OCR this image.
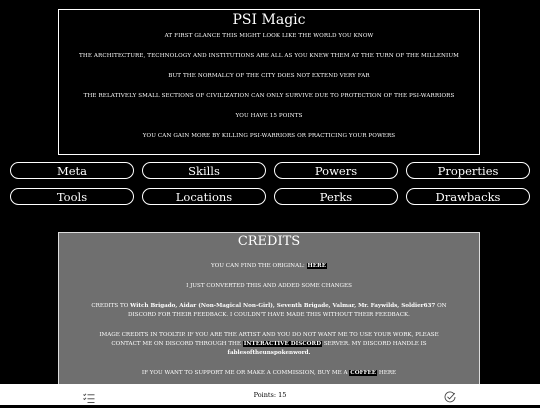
PSI Magic

AT FIRST GLANCE THIS MIGHT LOOK LIKE THE WORLD YOU KNOW

THE ARCHITECTURE, TECHNOLOGY AND INSTITUTIONS ARE ALL AS YOU KNEW THEM AT THE TURN OF THE MILLENIUM

BUT THE NORMALCY OF THE CITY DOES NOT EXTEND VERY FAR

THE RELATIVELY SMALL SECTIONS OF CIVILIZATION CAN ONLY SURVIVE DUE TO PROTECTION OF THE PSI-WARRIORS

YOU HAVE 15 POINTS

YOU CAN GAIN MORE BY KILLING PSI-WARRIORS OR PRACTICING YOUR POWERS

Meta	Skills	Powers	Properties
Tools	Locations	Perks	Drawbacks
CREDITS

YOU CAN FIND THE ORIGINAL: HERE

I JUST CONVERTED THIS AND ADDED SOME CHANGES

CREDITS TO Witch Brigado, Aidar (Non-Magical Non-Girl), Seventh Brigade, Valmar, Mr. Faywilds, Soldier637 ON DISCORD FOR THEIR FEEDBACK. I COULDN'T HAVE MADE THIS WITHOUT THEIR FEEDBACK.

IMAGE CREDITS IN TOOLTIP. IF YOU ARE THE ARTIST AND YOU DO NOT WANT ME TO USE YOUR WORK, PLEASE CONTACT ME ON DISCORD THROUGH THE INTERACTIVE DISCORD SERVER. MY DISCORD HANDLE IS fablesoftheunspokenword.

IF YOU WANT TO SUPPORT ME OR MAKE A COMMISSION, BUY ME A COFFEE HERE

Points: 15
